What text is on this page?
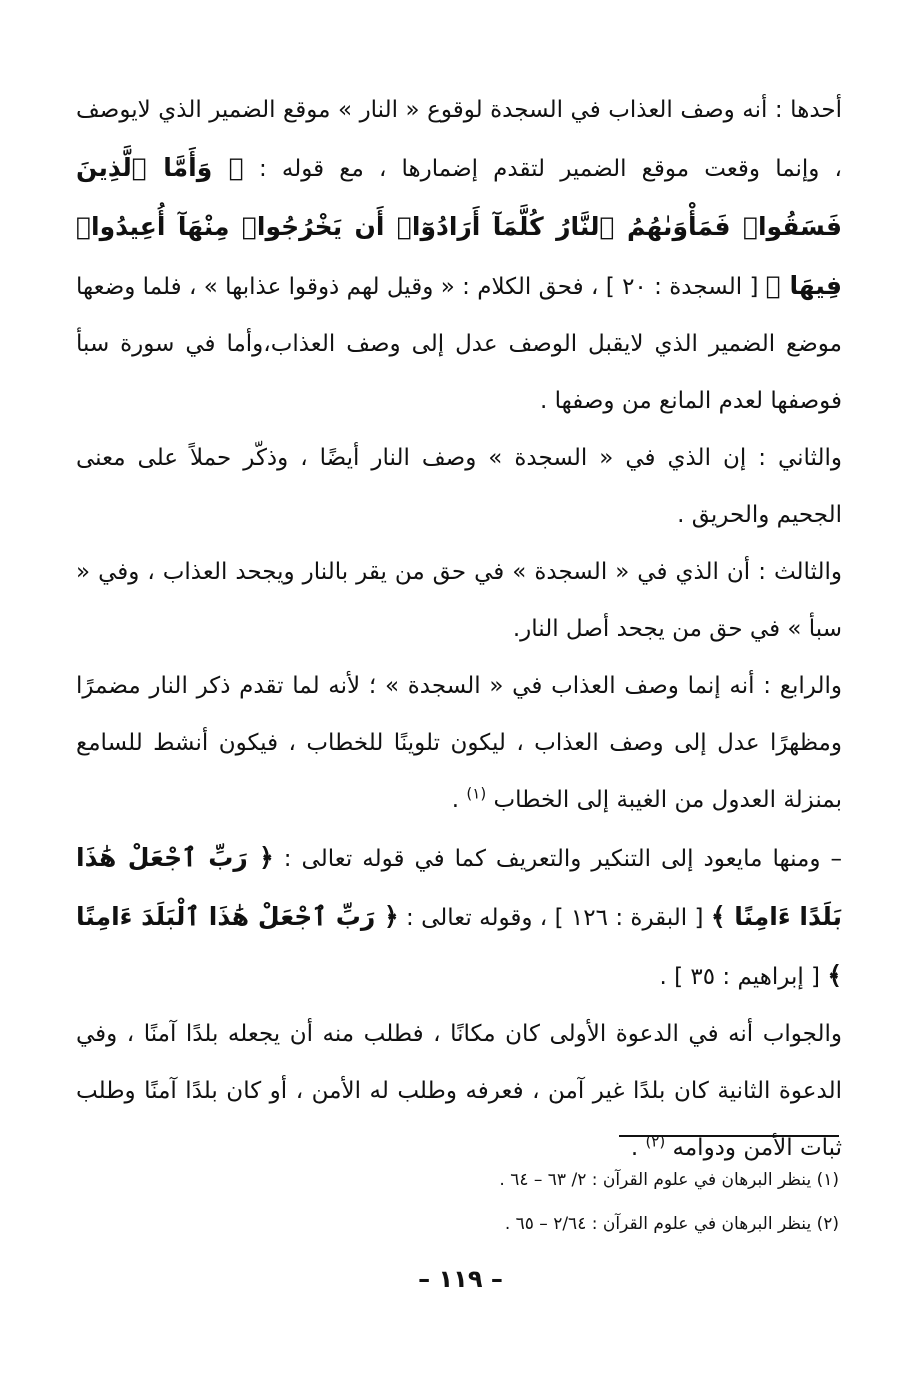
أحدها : أنه وصف العذاب في السجدة لوقوع « النار » موقع الضمير الذي لايوصف ، وإنما وقعت موقع الضمير لتقدم إضمارها ، مع قوله : ﴿ وَأَمَّا ٱلَّذِينَ فَسَقُوا۟ فَمَأْوَىٰهُمُ ٱلنَّارُ كُلَّمَآ أَرَادُوٓا۟ أَن يَخْرُجُوا۟ مِنْهَآ أُعِيدُوا۟ فِيهَا ﴾ [ السجدة : ٢٠ ] ، فحق الكلام : « وقيل لهم ذوقوا عذابها » ، فلما وضعها موضع الضمير الذي لايقبل الوصف عدل إلى وصف العذاب،وأما في سورة سبأ فوصفها لعدم المانع من وصفها .

والثاني : إن الذي في « السجدة » وصف النار أيضًا ، وذكّر حملاً على معنى الجحيم والحريق .

والثالث : أن الذي في « السجدة » في حق من يقر بالنار ويجحد العذاب ، وفي « سبأ » في حق من يجحد أصل النار.

والرابع : أنه إنما وصف العذاب في « السجدة » ؛ لأنه لما تقدم ذكر النار مضمرًا ومظهرًا عدل إلى وصف العذاب ، ليكون تلوينًا للخطاب ، فيكون أنشط للسامع بمنزلة العدول من الغيبة إلى الخطاب $^{(١)}$ .

– ومنها مايعود إلى التنكير والتعريف كما في قوله تعالى : ﴿ رَبِّ ٱجْعَلْ هَٰذَا بَلَدًا ءَامِنًا ﴾ [ البقرة : ١٢٦ ] ، وقوله تعالى : ﴿ رَبِّ ٱجْعَلْ هَٰذَا ٱلْبَلَدَ ءَامِنًا ﴾ [ إبراهيم : ٣٥ ] .

والجواب أنه في الدعوة الأولى كان مكانًا ، فطلب منه أن يجعله بلدًا آمنًا ، وفي الدعوة الثانية كان بلدًا غير آمن ، فعرفه وطلب له الأمن ، أو كان بلدًا آمنًا وطلب ثبات الأمن ودوامه $^{(٢)}$ .

(١) ينظر البرهان في علوم القرآن : ٢/ ٦٣ – ٦٤ .

(٢) ينظر البرهان في علوم القرآن : ٢/٦٤ – ٦٥ .

– ١١٩ –
